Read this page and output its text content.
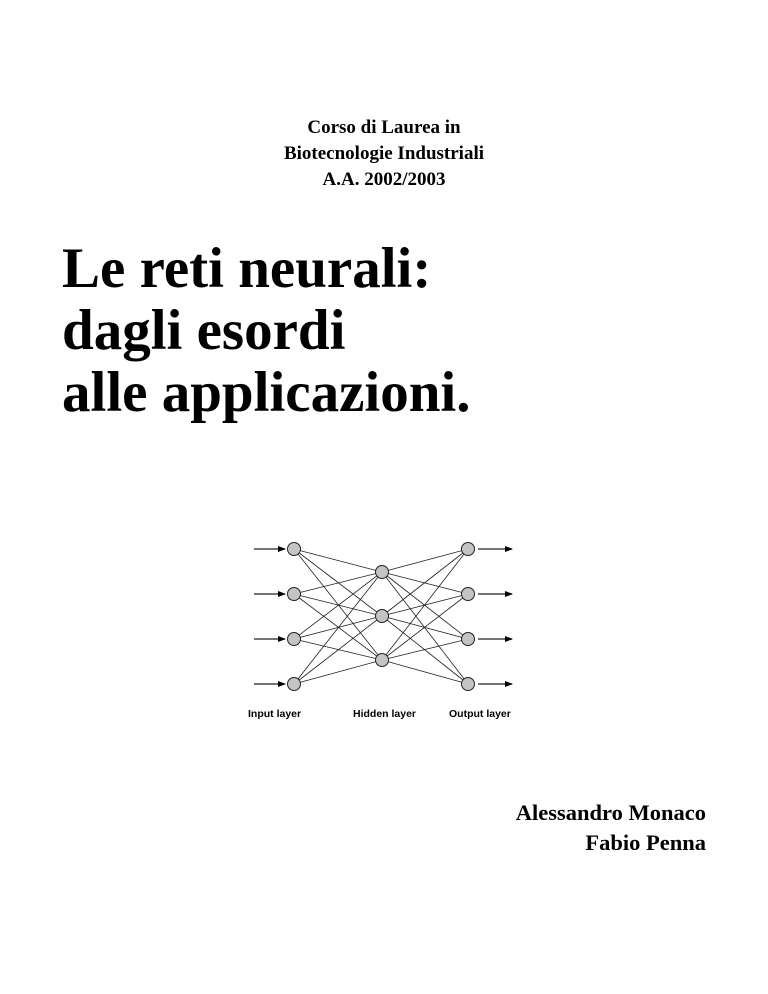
Corso di Laurea in
Biotecnologie Industriali
A.A. 2002/2003
Le reti neurali:
dagli esordi
alle applicazioni.
Input layer	Hidden layer	Output layer
Alessandro Monaco
Fabio Penna
